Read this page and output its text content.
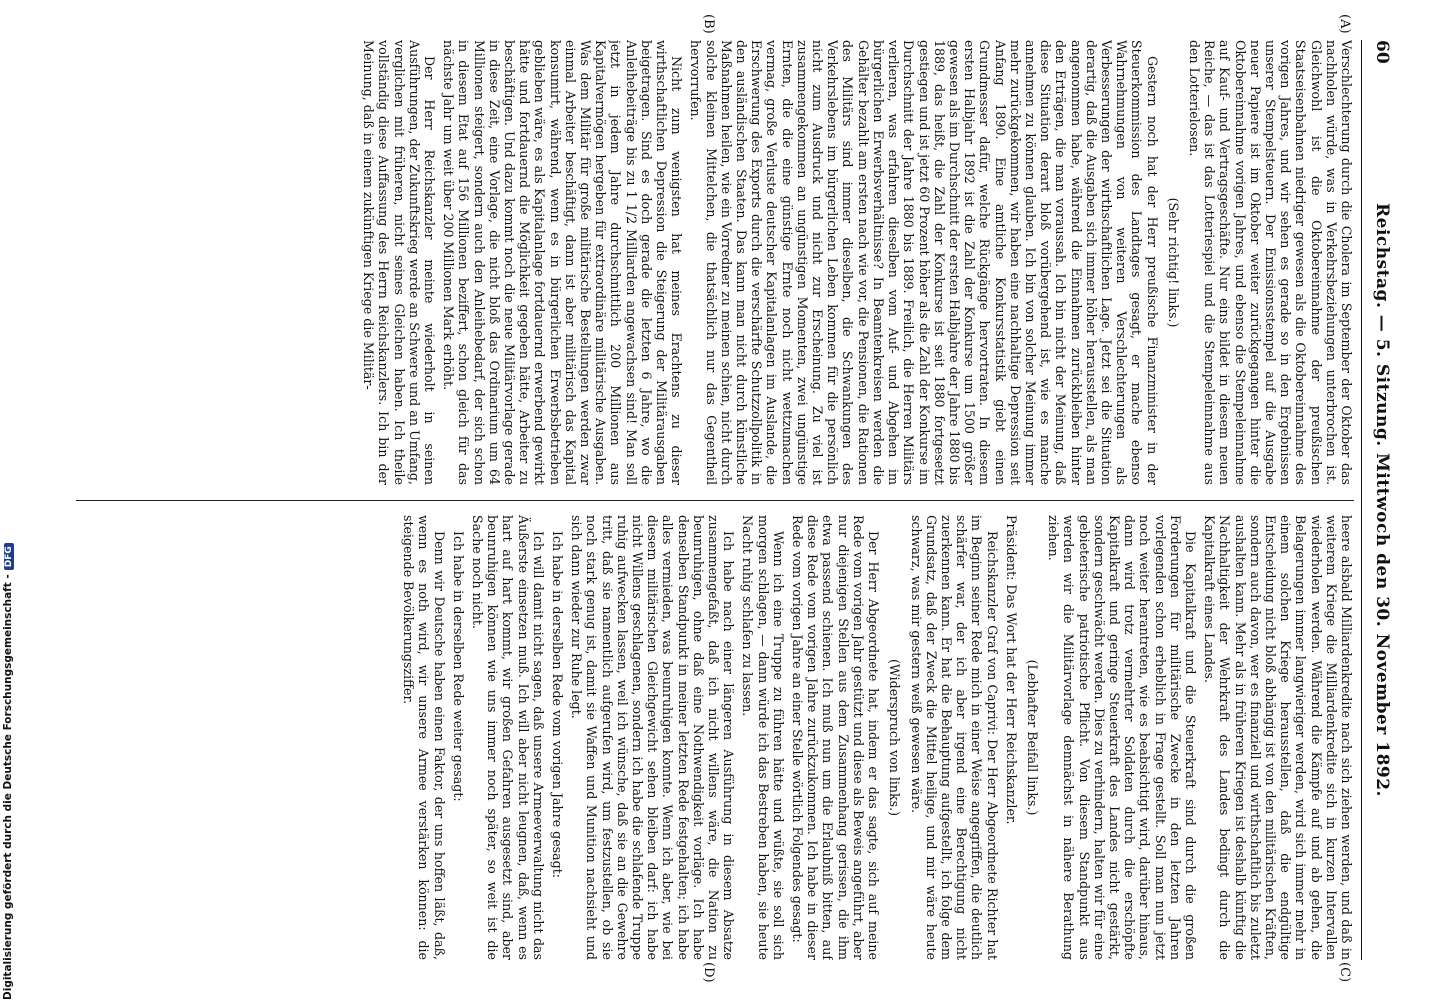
60
Reichstag. — 5. Sitzung. Mittwoch den 30. November 1892.
(A)
(B)
(C)
(D)

Verschlechterung durch die Cholera im September der Oktober das nachholen würde, was in Verkehrsbeziehungen unterbrochen ist. Gleichwohl ist die Oktobereinnahme der preußischen Staatseisenbahnen niedriger gewesen als die Oktobereinnahme des vorigen Jahres, und wir sehen es gerade so in den Ergebnissen unserer Stempelsteuern. Der Emissionsstempel auf die Ausgabe neuer Papiere ist im Oktober weiter zurückgegangen hinter die Oktobereinnahme vorigen Jahres, und ebenso die Stempeleinnahme auf Kauf- und Vertragsgeschäfte. Nur eins bildet in diesem neuen Reiche, — das ist das Lotteriespiel und die Stempeleinnahme aus den Lotterielosen.

(Sehr richtig! links.)

Gestern noch hat der Herr preußische Finanzminister in der Steuerkommission des Landtages gesagt, er mache ebenso Wahrnehmungen von weiteren Verschlechterungen als Verbesserungen der wirthschaftlichen Lage. Jetzt sei die Situation derartig, daß die Ausgaben sich immer höher herausstellen, als man angenommen habe, während die Einnahmen zurückbleiben hinter den Erträgen, die man voraussah. Ich bin nicht der Meinung, daß diese Situation derart bloß vorübergehend ist, wie es manche annehmen zu können glauben. Ich bin von solcher Meinung immer mehr zurückgekommen, wir haben eine nachhaltige Depression seit Anfang 1890. Eine amtliche Konkursstatistik giebt einen Grundmesser dafür, welche Rückgänge hervortraten. In diesem ersten Halbjahr 1892 ist die Zahl der Konkurse um 1500 größer gewesen als im Durchschnitt der ersten Halbjahre der Jahre 1880 bis 1889, das heißt, die Zahl der Konkurse ist seit 1880 fortgesetzt gestiegen und ist jetzt 60 Prozent höher als die Zahl der Konkurse im Durchschnitt der Jahre 1880 bis 1889. Freilich, die Herren Militärs verlieren, was erfahren dieselben vom Auf- und Abgehen im bürgerlichen Erwerbsverhältnisse? In Beamtenkreisen werden die Gehälter bezahlt am ersten nach wie vor, die Pensionen, die Rationen des Militärs sind immer dieselben, die Schwankungen des Verkehrslebens im bürgerlichen Leben kommen für die persönlich nicht zum Ausdruck und nicht zur Erscheinung. Zu viel ist zusammengekommen an ungünstigen Momenten, zwei ungünstige Ernten, die die eine günstige Ernte noch nicht wettzumachen vermag, große Verluste deutscher Kapitalanlagen im Auslande, die Erschwerung des Exports durch die verschärfte Schutzzollpolitik in den ausländischen Staaten. Das kann man nicht durch künstliche Maßnahmen heilen, wie ein Vorredner zu meinen schien, nicht durch solche kleinen Mittelchen, die thatsächlich nur das Gegentheil hervorrufen.

Nicht zum wenigsten hat meines Erachtens zu dieser wirthschaftlichen Depression die Steigerung der Militärausgaben beigetragen. Sind es doch gerade die letzten 6 Jahre, wo die Anleihebeiträge bis zu 1 1/2 Milliarden angewachsen sind! Man soll jetzt in jedem Jahre durchschnittlich 200 Millionen aus Kapitalvermögen hergeben für extraordinäre militärische Ausgaben. Was dem Militär für große militärische Bestellungen werden zwar einmal Arbeiter beschäftigt, dann ist aber militärisch das Kapital konsumirt, während, wenn es in bürgerlichen Erwerbsbetrieben geblieben wäre, es als Kapitalanlage fortdauernd erwerbend gewirkt hätte und fortdauernd die Möglichkeit gegeben hätte, Arbeiter zu beschäftigen. Und dazu kommt noch die neue Militärvorlage gerade in diese Zeit, eine Vorlage, die nicht bloß das Ordinarium um 64 Millionen steigert, sondern auch den Anleihebedarf, der sich schon in diesem Etat auf 156 Millionen beziffert, schon gleich für das nächste Jahr um weit über 200 Millionen Mark erhöht.

Der Herr Reichskanzler meinte wiederholt in seinen Ausführungen, der Zukunftskrieg werde an Schwere und an Umfang, verglichen mit früheren, nicht seines Gleichen haben. Ich theile vollständig diese Auffassung des Herrn Reichskanzlers. Ich bin der Meinung, daß in einem zukünftigen Kriege die Militär-

heere alsbald Milliardenkredite nach sich ziehen werden, und daß in weiterem Kriege die Milliardenkredite sich in kurzen Intervallen wiederholen werden. Während die Kämpfe auf und ab gehen, die Belagerungen immer langwieriger werden, wird sich immer mehr in einem solchen Kriege herausstellen, daß die endgültige Entscheidung nicht bloß abhängig ist von den militärischen Kräften, sondern auch davon, wer es finanziell und wirthschaftlich bis zuletzt aushalten kann. Mehr als in früheren Kriegen ist deshalb künftig die Nachhaltigkeit der Wehrkraft des Landes bedingt durch die Kapitalkraft eines Landes.

Die Kapitalkraft und die Steuerkraft sind durch die großen Forderungen für militärische Zwecke in den letzten Jahren vorlegenden schon erheblich in Frage gestellt. Soll man nun jetzt noch weiter herantreten, wie es beabsichtigt wird, darüber hinaus, dann wird trotz vermehrter Soldaten durch die erschöpfte Kapitalkraft und geringe Steuerkraft des Landes nicht gestärkt, sondern geschwächt werden. Dies zu verhindern, halten wir für eine gebieterische patriotische Pflicht. Von diesem Standpunkt aus werden wir die Militärvorlage demnächst in nähere Berathung ziehen.

(Lebhafter Beifall links.)

Präsident: Das Wort hat der Herr Reichskanzler.

Reichskanzler Graf von Caprivi: Der Herr Abgeordnete Richter hat im Beginn seiner Rede mich in einer Weise angegriffen, die deutlich schärfer war, der ich aber irgend eine Berechtigung nicht zuerkennen kann. Er hat die Behauptung aufgestellt, ich folge dem Grundsatz, daß der Zweck die Mittel heilige, und mir wäre heute schwarz, was mir gestern weiß gewesen wäre.

(Widerspruch von links.)

Der Herr Abgeordnete hat, indem er das sagte, sich auf meine Rede vom vorigen Jahr gestützt und diese als Beweis angeführt, aber nur diejenigen Stellen aus dem Zusammenhang gerissen, die ihm etwa passend schienen. Ich muß nun um die Erlaubniß bitten, auf diese Rede vom vorigen Jahre zurückzukommen. Ich habe in dieser Rede vom vorigen Jahre an einer Stelle wörtlich Folgendes gesagt:

Wenn ich eine Truppe zu führen hätte und wüßte, sie soll sich morgen schlagen, — dann würde ich das Bestreben haben, sie heute Nacht ruhig schlafen zu lassen.

Ich habe nach einer längeren Ausführung in diesem Absatze zusammengefaßt, daß ich nicht willens wäre, die Nation zu beunruhigen, ohne daß eine Nothwendigkeit vorläge. Ich habe denselben Standpunkt in meiner letzten Rede festgehalten; ich habe alles vermieden, was beunruhigen konnte. Wenn ich aber, wie bei diesem militärischen Gleichgewicht sehen bleiben darf: ich habe nicht Willens geschlagenen, sondern ich habe die schlafende Truppe ruhig aufwecken lassen, weil ich wünsche, daß sie an die Gewehre tritt, daß sie namentlich aufgerufen wird, um festzustellen, ob sie noch stark genug ist, damit sie Waffen und Munition nachsieht und sich dann wieder zur Ruhe legt.

Ich habe in derselben Rede vom vorigen Jahre gesagt:

Ich will damit nicht sagen, daß unsere Armeeverwaltung nicht das Äußerste einsetzen muß. Ich will aber nicht leugnen, daß, wenn es hart auf hart kommt, wir großen Gefahren ausgesetzt sind, aber beunruhigen können wie uns immer noch später, so weit ist die Sache noch nicht.

Ich habe in derselben Rede weiter gesagt:

Denn wir Deutsche haben einen Faktor, der uns hoffen läßt, daß, wenn es noth wird, wir unsere Armee verstärken können: die steigende Bevölkerungsziffer.

Digitalisierung gefördert durch die Deutsche Forschungsgemeinschaft -DFG
